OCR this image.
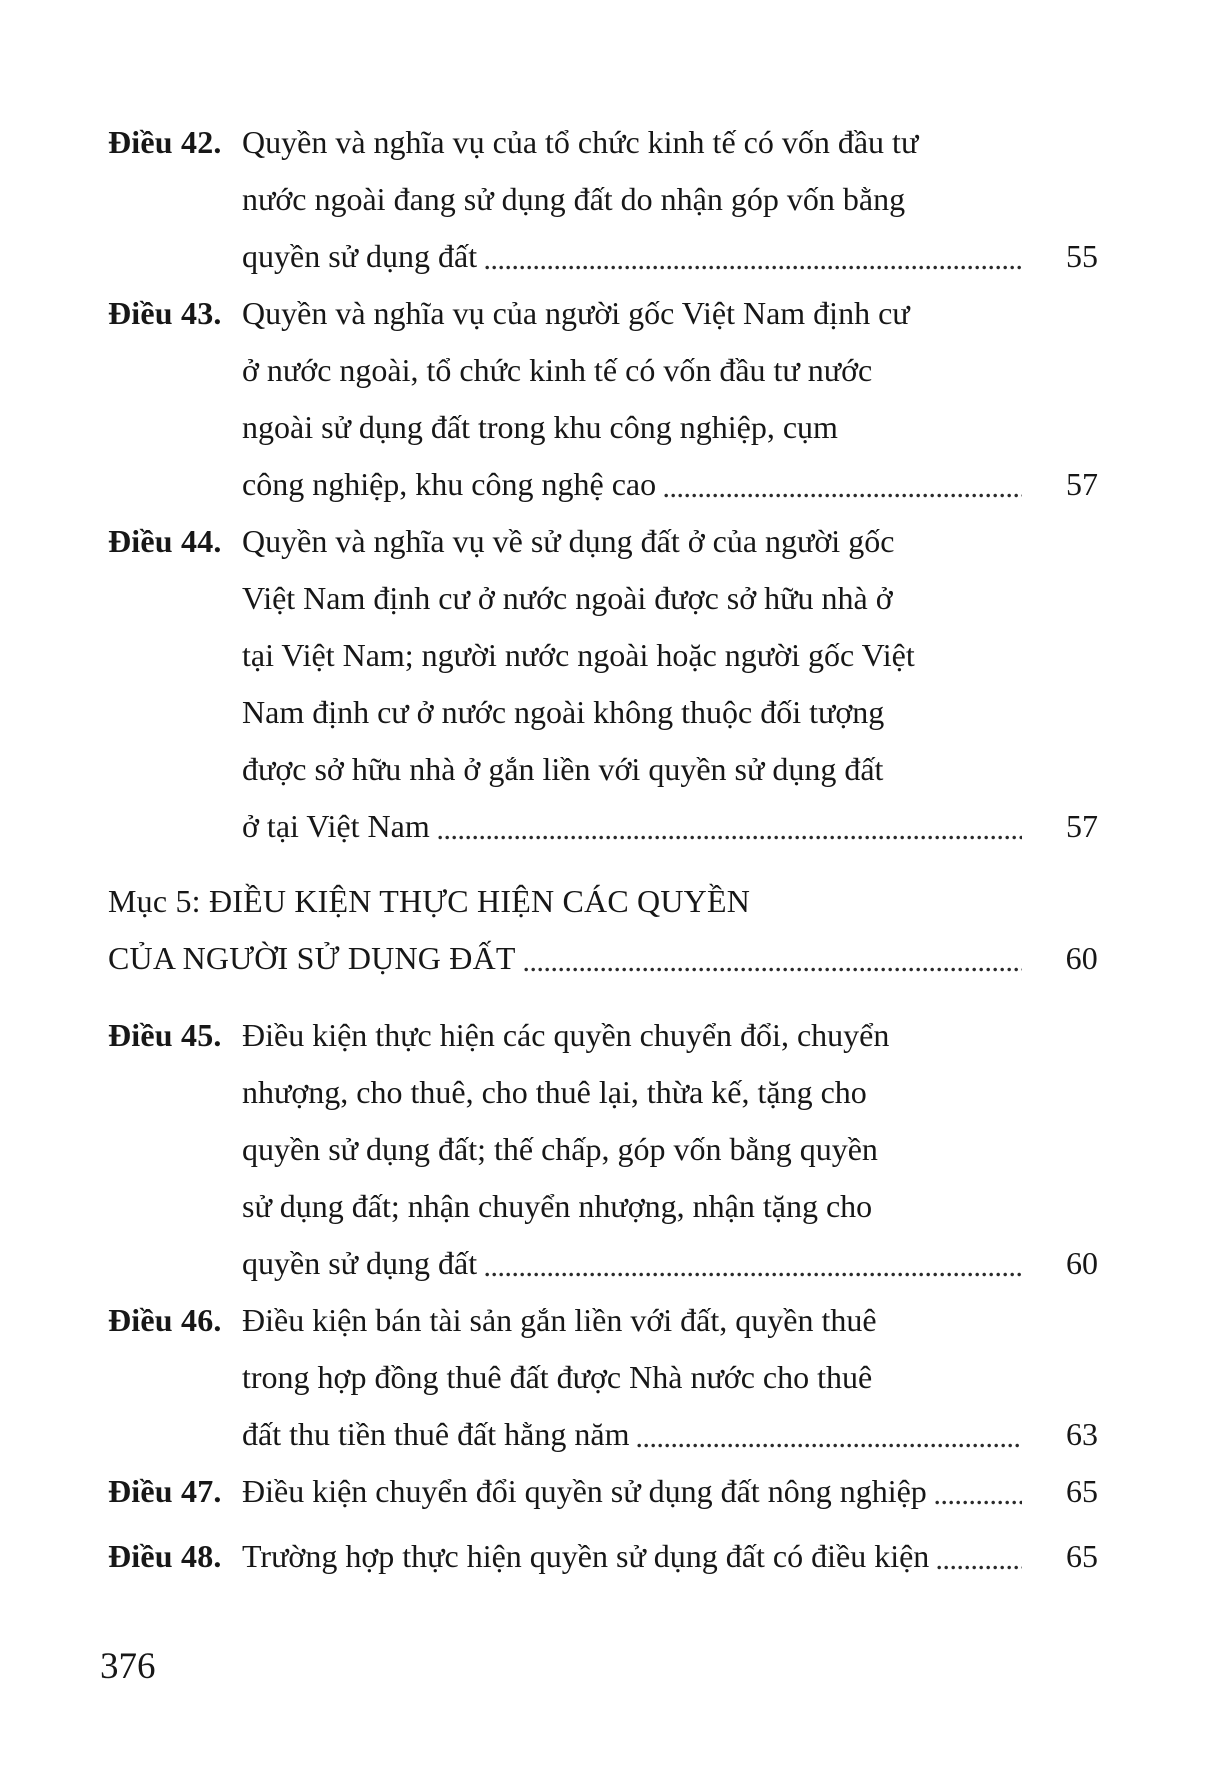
Điều 42. Quyền và nghĩa vụ của tổ chức kinh tế có vốn đầu tư
nước ngoài đang sử dụng đất do nhận góp vốn bằng
quyền sử dụng đất	55
Điều 43. Quyền và nghĩa vụ của người gốc Việt Nam định cư
ở nước ngoài, tổ chức kinh tế có vốn đầu tư nước
ngoài sử dụng đất trong khu công nghiệp, cụm
công nghiệp, khu công nghệ cao	57
Điều 44. Quyền và nghĩa vụ về sử dụng đất ở của người gốc
Việt Nam định cư ở nước ngoài được sở hữu nhà ở
tại Việt Nam; người nước ngoài hoặc người gốc Việt
Nam định cư ở nước ngoài không thuộc đối tượng
được sở hữu nhà ở gắn liền với quyền sử dụng đất
ở tại Việt Nam	57
Mục 5: ĐIỀU KIỆN THỰC HIỆN CÁC QUYỀN
CỦA NGƯỜI SỬ DỤNG ĐẤT	60
Điều 45. Điều kiện thực hiện các quyền chuyển đổi, chuyển
nhượng, cho thuê, cho thuê lại, thừa kế, tặng cho
quyền sử dụng đất; thế chấp, góp vốn bằng quyền
sử dụng đất; nhận chuyển nhượng, nhận tặng cho
quyền sử dụng đất	60
Điều 46. Điều kiện bán tài sản gắn liền với đất, quyền thuê
trong hợp đồng thuê đất được Nhà nước cho thuê
đất thu tiền thuê đất hằng năm	63
Điều 47. Điều kiện chuyển đổi quyền sử dụng đất nông nghiệp	65
Điều 48. Trường hợp thực hiện quyền sử dụng đất có điều kiện	65
376
